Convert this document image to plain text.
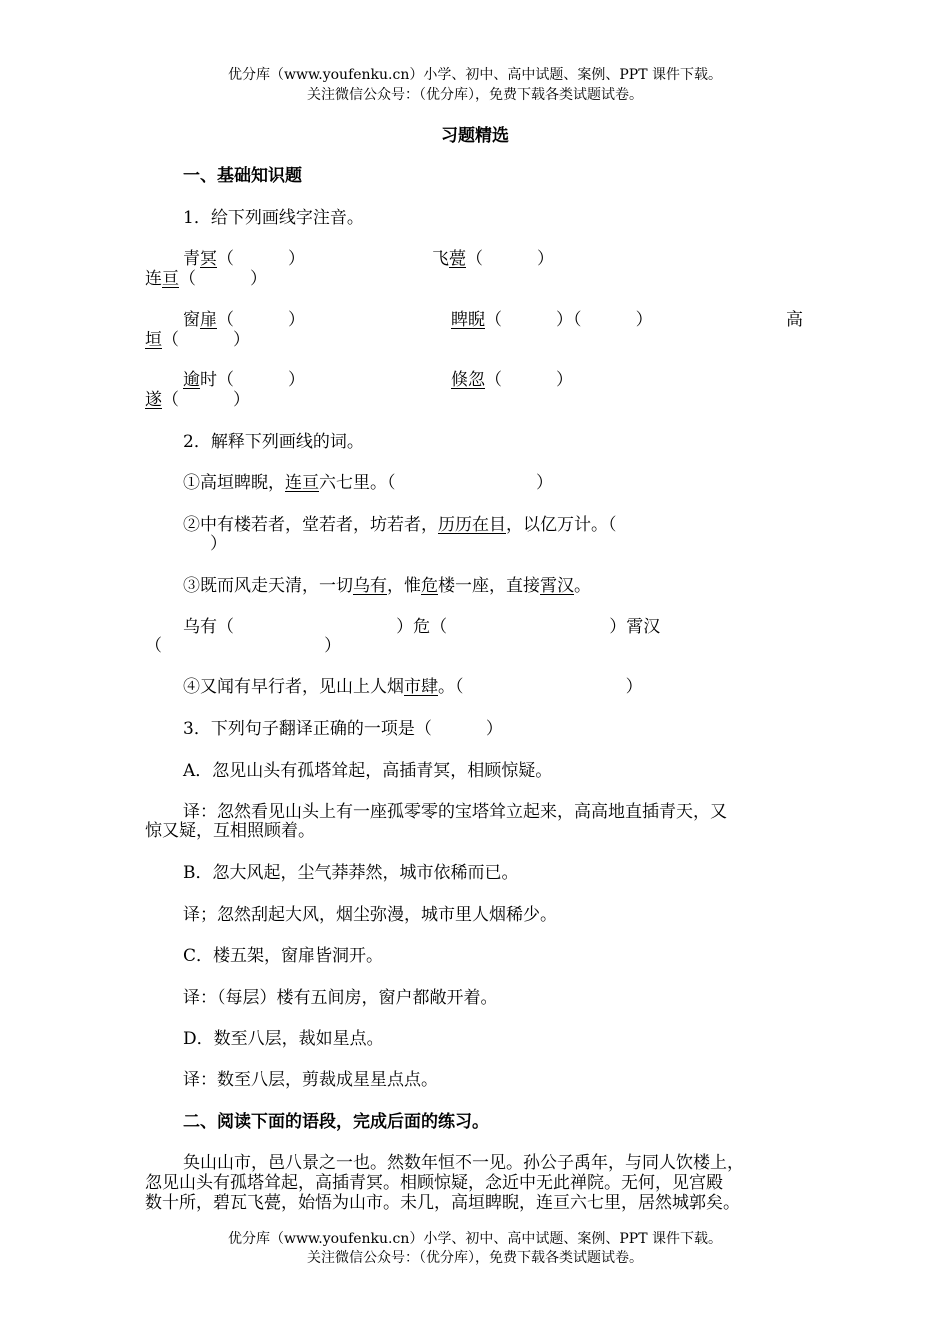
优分库（www.youfenku.cn）小学、初中、高中试题、案例、PPT 课件下载。
关注微信公众号：（优分库），免费下载各类试题试卷。
习题精选
一、基础知识题
1．给下列画线字注音。
青冥（          ）	飞甍（          ）
连亘（          ）
窗扉（          ）	睥睨（          ）（          ）	高
垣（          ）
逾时（          ）	倏忽（          ）
遂（          ）
2．解释下列画线的词。
①高垣睥睨，连亘六七里。（                          ）
②中有楼若者，堂若者，坊若者，历历在目，以亿万计。（
）
③既而风走天清，一切乌有，惟危楼一座，直接霄汉。
乌有（                              ）危（                              ）霄汉
（                              ）
④又闻有早行者，见山上人烟市肆。（                              ）
3．下列句子翻译正确的一项是（          ）
A．忽见山头有孤塔耸起，高插青冥，相顾惊疑。
译：忽然看见山头上有一座孤零零的宝塔耸立起来，高高地直插青天，又
惊又疑，互相照顾着。
B．忽大风起，尘气莽莽然，城市依稀而已。
译；忽然刮起大风，烟尘弥漫，城市里人烟稀少。
C．楼五架，窗扉皆洞开。
译：（每层）楼有五间房，窗户都敞开着。
D．数至八层，裁如星点。
译：数至八层，剪裁成星星点点。
二、阅读下面的语段，完成后面的练习。
奂山山市，邑八景之一也。然数年恒不一见。孙公子禹年，与同人饮楼上，
忽见山头有孤塔耸起，高插青冥。相顾惊疑，念近中无此禅院。无何，见宫殿
数十所，碧瓦飞甍，始悟为山市。未几，高垣睥睨，连亘六七里，居然城郭矣。
优分库（www.youfenku.cn）小学、初中、高中试题、案例、PPT 课件下载。
关注微信公众号：（优分库），免费下载各类试题试卷。
